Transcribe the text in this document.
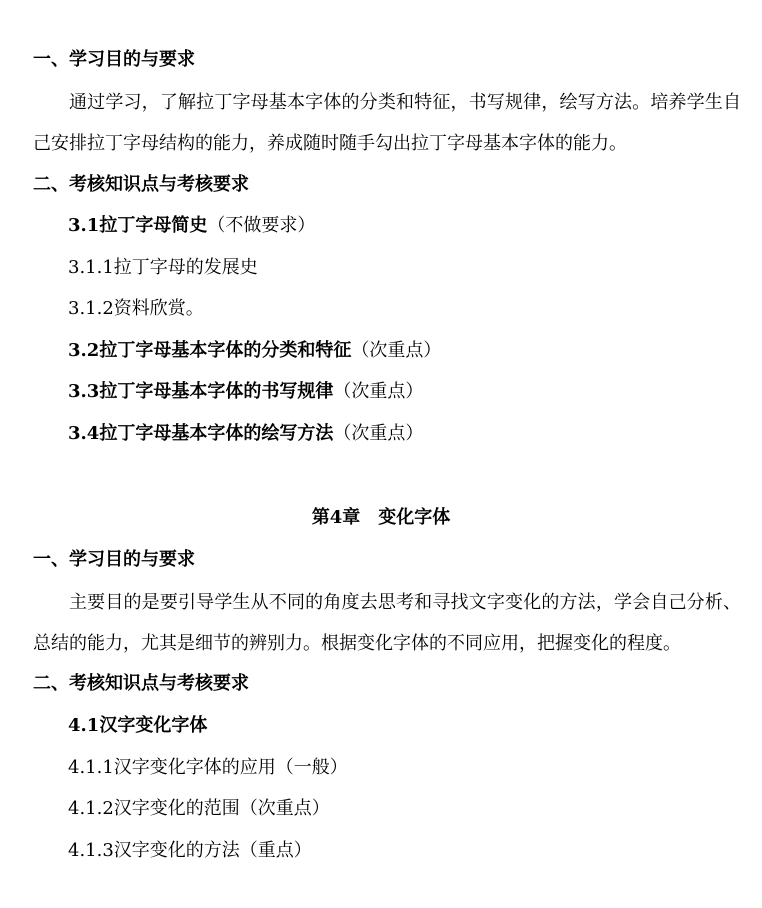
一、学习目的与要求
通过学习，了解拉丁字母基本字体的分类和特征，书写规律，绘写方法。培养学生自己安排拉丁字母结构的能力，养成随时随手勾出拉丁字母基本字体的能力。
二、考核知识点与考核要求
3.1拉丁字母简史（不做要求）
3.1.1拉丁字母的发展史
3.1.2资料欣赏。
3.2拉丁字母基本字体的分类和特征（次重点）
3.3拉丁字母基本字体的书写规律（次重点）
3.4拉丁字母基本字体的绘写方法（次重点）
第4章　变化字体
一、学习目的与要求
主要目的是要引导学生从不同的角度去思考和寻找文字变化的方法，学会自己分析、总结的能力，尤其是细节的辨别力。根据变化字体的不同应用，把握变化的程度。
二、考核知识点与考核要求
4.1汉字变化字体
4.1.1汉字变化字体的应用（一般）
4.1.2汉字变化的范围（次重点）
4.1.3汉字变化的方法（重点）
